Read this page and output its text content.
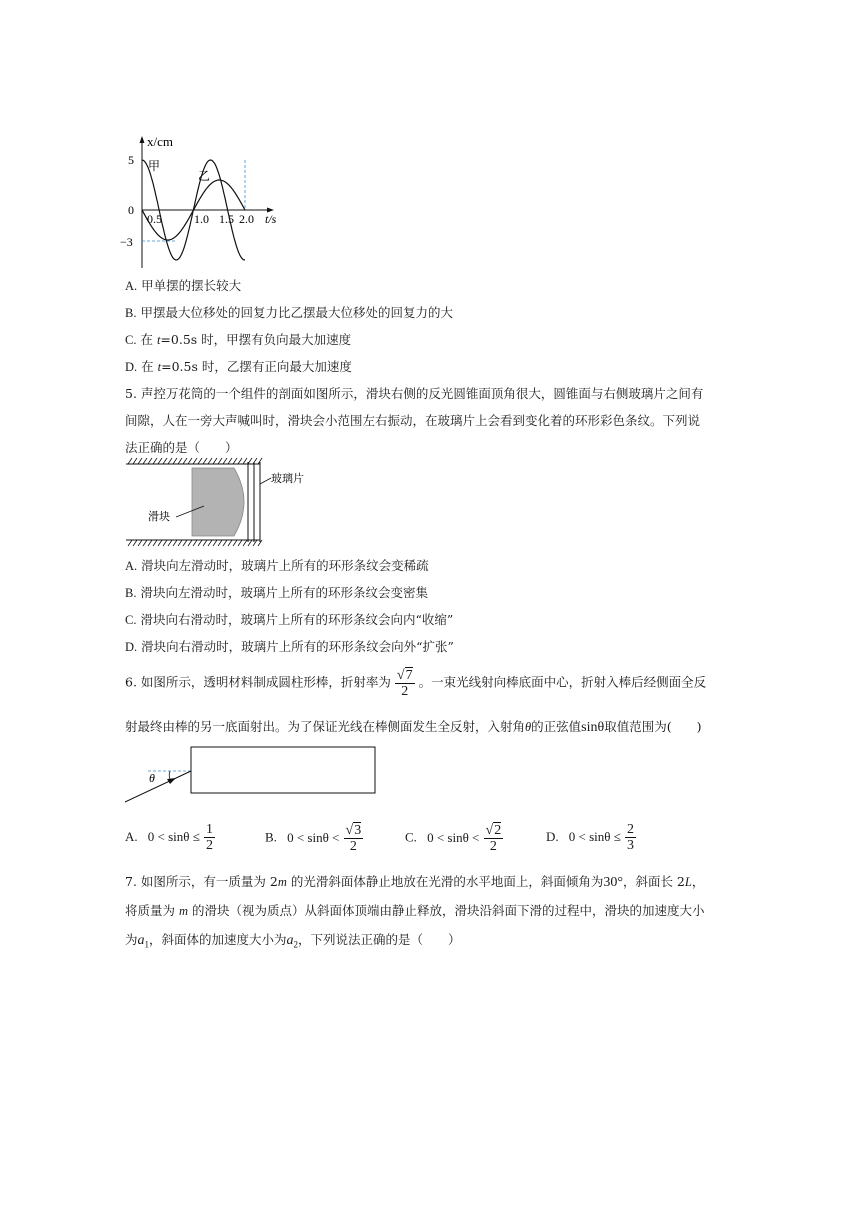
x/cm
甲
乙
5
0
−3
0.5	1.0 1.5 2.0 t/s
A. 甲单摆的摆长较大
B. 甲摆最大位移处的回复力比乙摆最大位移处的回复力的大
C. 在 t=0.5s 时，甲摆有负向最大加速度
D. 在 t=0.5s 时，乙摆有正向最大加速度
5. 声控万花筒的一个组件的剖面如图所示，滑块右侧的反光圆锥面顶角很大，圆锥面与右侧玻璃片之间有
间隙，人在一旁大声喊叫时，滑块会小范围左右振动，在玻璃片上会看到变化着的环形彩色条纹。下列说
法正确的是（　　）
玻璃片
滑块
A. 滑块向左滑动时，玻璃片上所有的环形条纹会变稀疏
B. 滑块向左滑动时，玻璃片上所有的环形条纹会变密集
C. 滑块向右滑动时，玻璃片上所有的环形条纹会向内“收缩”
D. 滑块向右滑动时，玻璃片上所有的环形条纹会向外“扩张”
6. 如图所示，透明材料制成圆柱形棒，折射率为 $\frac{√7}{2}$ 。一束光线射向棒底面中心，折射入棒后经侧面全反
射最终由棒的另一底面射出。为了保证光线在棒侧面发生全反射，入射角θ的正弦值sinθ取值范围为(　　)
θ
A. $0 < \sin\theta \le \frac{1}{2}$	B. $0 < \sin\theta < \frac{√3}{2}$	C. $0 < \sin\theta < \frac{√2}{2}$	D. $0 < \sin\theta \le \frac{2}{3}$
7. 如图所示，有一质量为 2m 的光滑斜面体静止地放在光滑的水平地面上，斜面倾角为30°，斜面长 2L，
将质量为 m 的滑块（视为质点）从斜面体顶端由静止释放，滑块沿斜面下滑的过程中，滑块的加速度大小
为$a_1$，斜面体的加速度大小为$a_2$，下列说法正确的是（　　）
